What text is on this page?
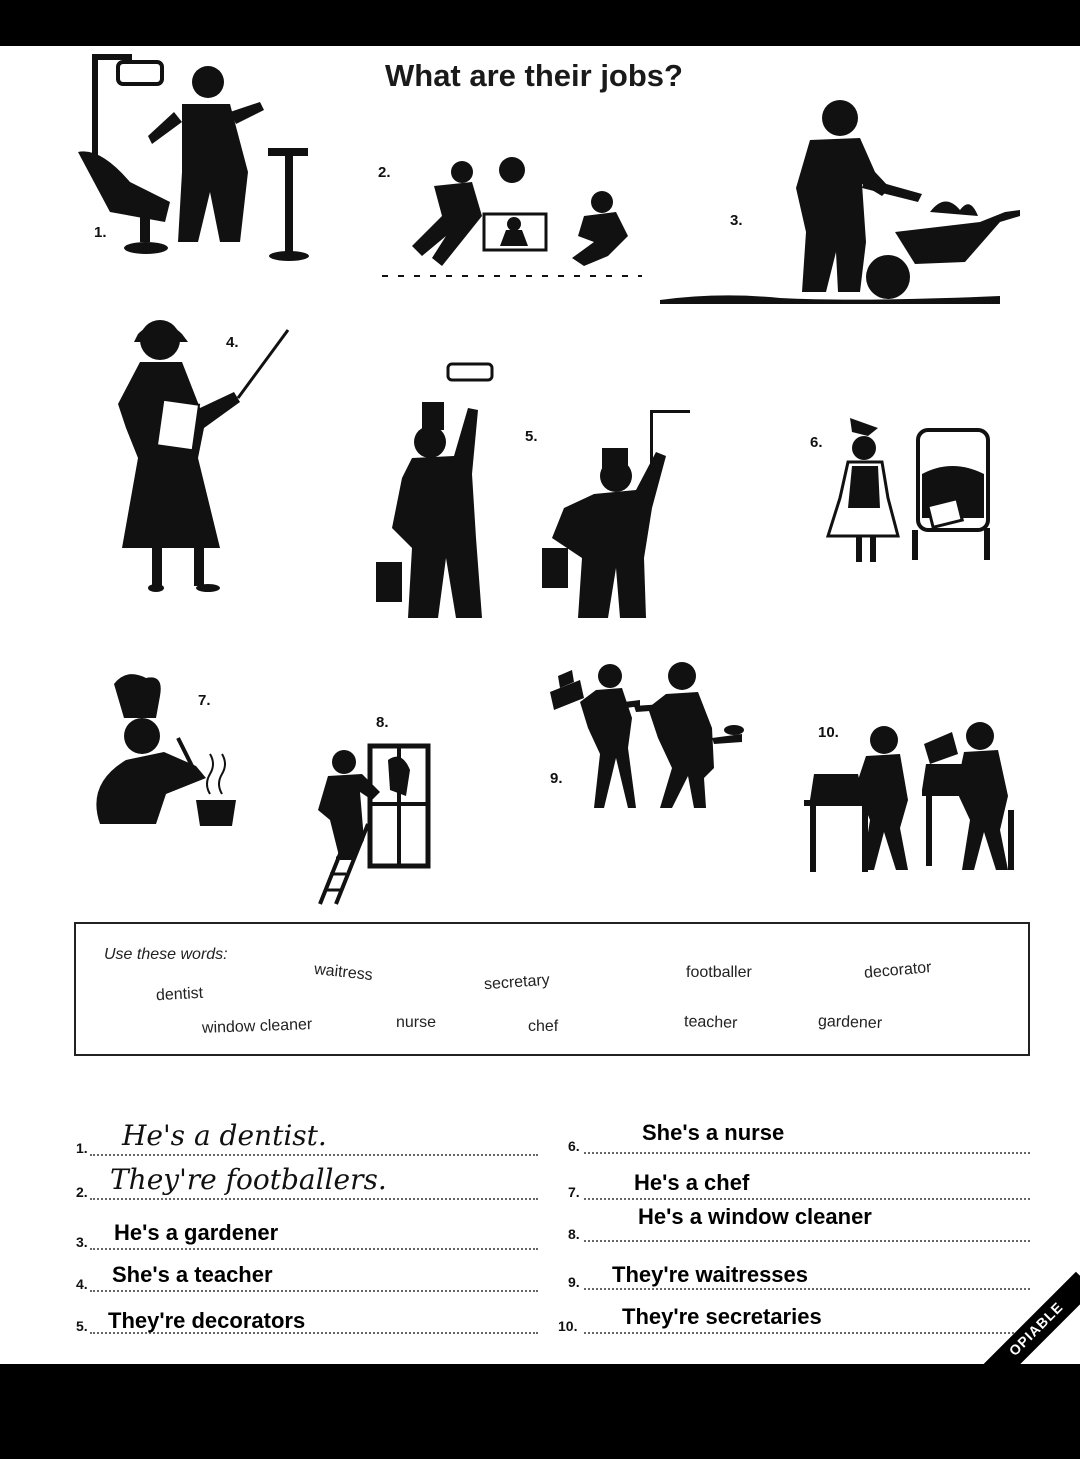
What are their jobs?
1.
2.
3.
4.
5.	6.
7.
8.
9.
10.
Use these words:
waitress	secretary	footballer	decorator
dentist
window cleaner	nurse	chef	teacher	gardener
1. He's a dentist.
2. They're footballers.
3. He's a gardener
4. She's a teacher
5. They're decorators
6.
She's a nurse
7. He's a chef
8.
He's a window cleaner
9. They're waitresses
10. They're secretaries	OPIABLE
